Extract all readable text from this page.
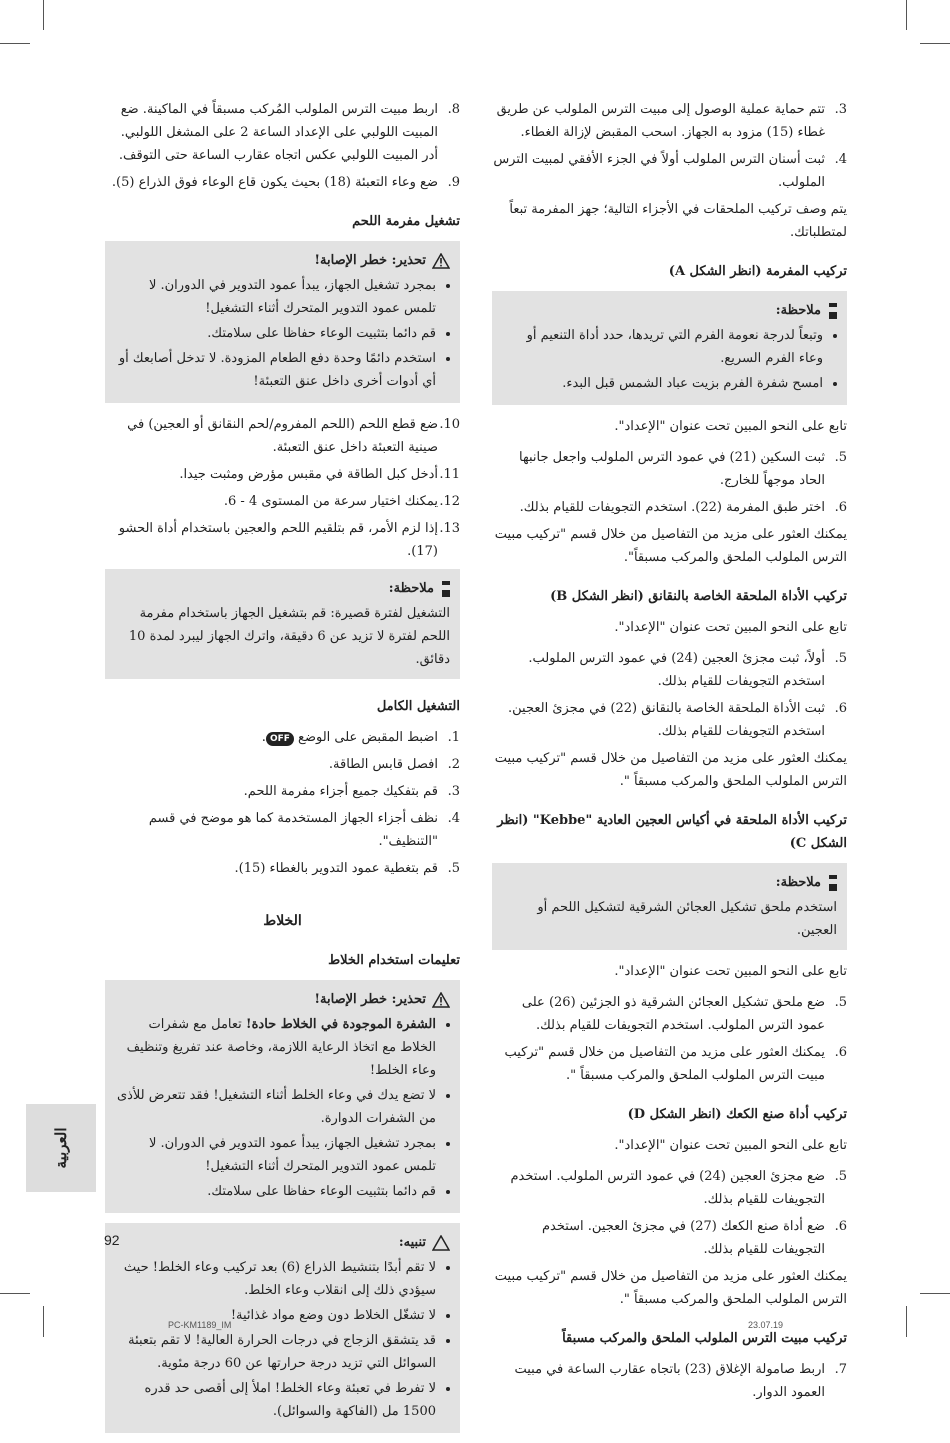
3.
تتم حماية عملية الوصول إلى مبيت الترس الملولب عن طريق غطاء (15) مزود به الجهاز. اسحب المقبض لإزالة الغطاء.
4.
ثبت أسنان الترس الملولب أولاً في الجزء الأفقي لمبيت الترس الملولب.
يتم وصف تركيب الملحقات في الأجزاء التالية؛ جهز المفرمة تبعاً لمتطلباتك.
تركيب المفرمة (انظر الشكل A)
ملاحظة:
• وتبعاً لدرجة نعومة الفرم التي تريدها، حدد أداة التنعيم أو وعاء الفرم السريع.
• امسح شفرة الفرم بزيت عباد الشمس قبل البدء.
تابع على النحو المبين تحت عنوان "الإعداد".
5.
ثبت السكين (21) في عمود الترس الملولب واجعل جانبها الحاد موجهاً للخارج.
6.
اختر طبق المفرمة (22). استخدم التجويفات للقيام بذلك.
يمكنك العثور على مزيد من التفاصيل من خلال قسم "تركيب مبيت الترس الملولب الملحق والمركب مسبقاً".
تركيب الأداة الملحقة الخاصة بالنقانق (انظر الشكل B)
تابع على النحو المبين تحت عنوان "الإعداد".
5.
أولاً، ثبت مجزئ العجين (24) في عمود الترس الملولب. استخدم التجويفات للقيام بذلك.
6.
ثبت الأداة الملحقة الخاصة بالنقانق (22) في مجزئ العجين. استخدم التجويفات للقيام بذلك.
يمكنك العثور على مزيد من التفاصيل من خلال قسم "تركيب مبيت الترس الملولب الملحق والمركب مسبقاً ".
تركيب الأداة الملحقة في أكياس العجين العادية "Kebbe" (انظر الشكل C)
ملاحظة:
استخدم ملحق تشكيل العجائن الشرقية لتشكيل اللحم أو العجين.
تابع على النحو المبين تحت عنوان "الإعداد".
5.
ضع ملحق تشكيل العجائن الشرقية ذو الجزئين (26) على عمود الترس الملولب. استخدم التجويفات للقيام بذلك.
6.
يمكنك العثور على مزيد من التفاصيل من خلال قسم "تركيب مبيت الترس الملولب الملحق والمركب مسبقاً ".
تركيب أداة صنع الكعك (انظر الشكل D)
تابع على النحو المبين تحت عنوان "الإعداد".
5.
ضع مجزئ العجين (24) في عمود الترس الملولب. استخدم التجويفات للقيام بذلك.
6.
ضع أداة صنع الكعك (27) في مجزئ العجين. استخدم التجويفات للقيام بذلك.
يمكنك العثور على مزيد من التفاصيل من خلال قسم "تركيب مبيت الترس الملولب الملحق والمركب مسبقاً ".
تركيب مبيت الترس الملولب الملحق والمركب مسبقاً
7.
اربط صامولة الإغلاق (23) باتجاه عقارب الساعة في مبيت العمود الدوار.
8.
اربط مبيت الترس الملولب المُركب مسبقاً في الماكينة. ضع المبيت اللولبي على الإعداد الساعة 2 على المشغل اللولبي. أدر المبيت اللولبي عكس اتجاه عقارب الساعة حتى التوقف.
9.
ضع وعاء التعبئة (18) بحيث يكون قاع الوعاء فوق الذراع (5).
تشغيل مفرمة اللحم
تحذير: خطر الإصابة!
• بمجرد تشغيل الجهاز، يبدأ عمود التدوير في الدوران. لا تلمس عمود التدوير المتحرك أثناء التشغيل!
• قم دائما بتثبيت الوعاء حفاظا على سلامتك.
• استخدم دائمًا وحدة دفع الطعام المزودة. لا تدخل أصابعك أو أي أدوات أخرى داخل عنق التعبئة!
10.
ضع قطع اللحم (اللحم المفروم/لحم النقانق أو العجين) في صينية التعبئة داخل عنق التعبئة.
11.
أدخل كبل الطاقة في مقبس مؤرض ومثبت جيدا.
12.
يمكنك اختيار سرعة من المستوى 4 - 6.
13.
إذا لزم الأمر، قم بتلقيم اللحم والعجين باستخدام أداة الحشو (17).
ملاحظة:
التشغيل لفترة قصيرة: قم بتشغيل الجهاز باستخدام مفرمة اللحم لفترة لا تزيد عن 6 دقيقة، واترك الجهاز ليبرد لمدة 10 دقائق.
التشغيل الكامل
1.
اضبط المقبض على الوضع OFF.
2.
افصل قابس الطاقة.
3.
قم بتفكيك جميع أجزاء مفرمة اللحم.
4.
نظف أجزاء الجهاز المستخدمة كما هو موضح في قسم "التنظيف".
5.
قم بتغطية عمود التدوير بالغطاء (15).
الخلاط
تعليمات استخدام الخلاط
تحذير: خطر الإصابة!
• الشفرة الموجودة في الخلاط حادة! تعامل مع شفرات الخلاط مع اتخاذ الرعاية اللازمة، وخاصة عند تفريغ وتنظيف وعاء الخلط!
• لا تضع يدك في وعاء الخلط أثناء التشغيل! فقد تتعرض للأذى من الشفرات الدوارة.
• بمجرد تشغيل الجهاز، يبدأ عمود التدوير في الدوران. لا تلمس عمود التدوير المتحرك أثناء التشغيل!
• قم دائما بتثبيت الوعاء حفاظا على سلامتك.
تنبيه:
• لا تقم أبدًا بتنشيط الذراع (6) بعد تركيب وعاء الخلط! حيث سيؤدي ذلك إلى انقلاب وعاء الخلط.
• لا تشغّل الخلاط دون وضع مواد غذائية!
• قد يتشقق الزجاج في درجات الحرارة العالية! لا تقم بتعبئة السوائل التي تزيد درجة حرارتها عن 60 درجة مئوية.
• لا تفرط في تعبئة وعاء الخلط! املأ إلى أقصى حد قدره 1500 مل (الفاكهة والسوائل).
العربية
92
PC-KM1189_IM	23.07.19
